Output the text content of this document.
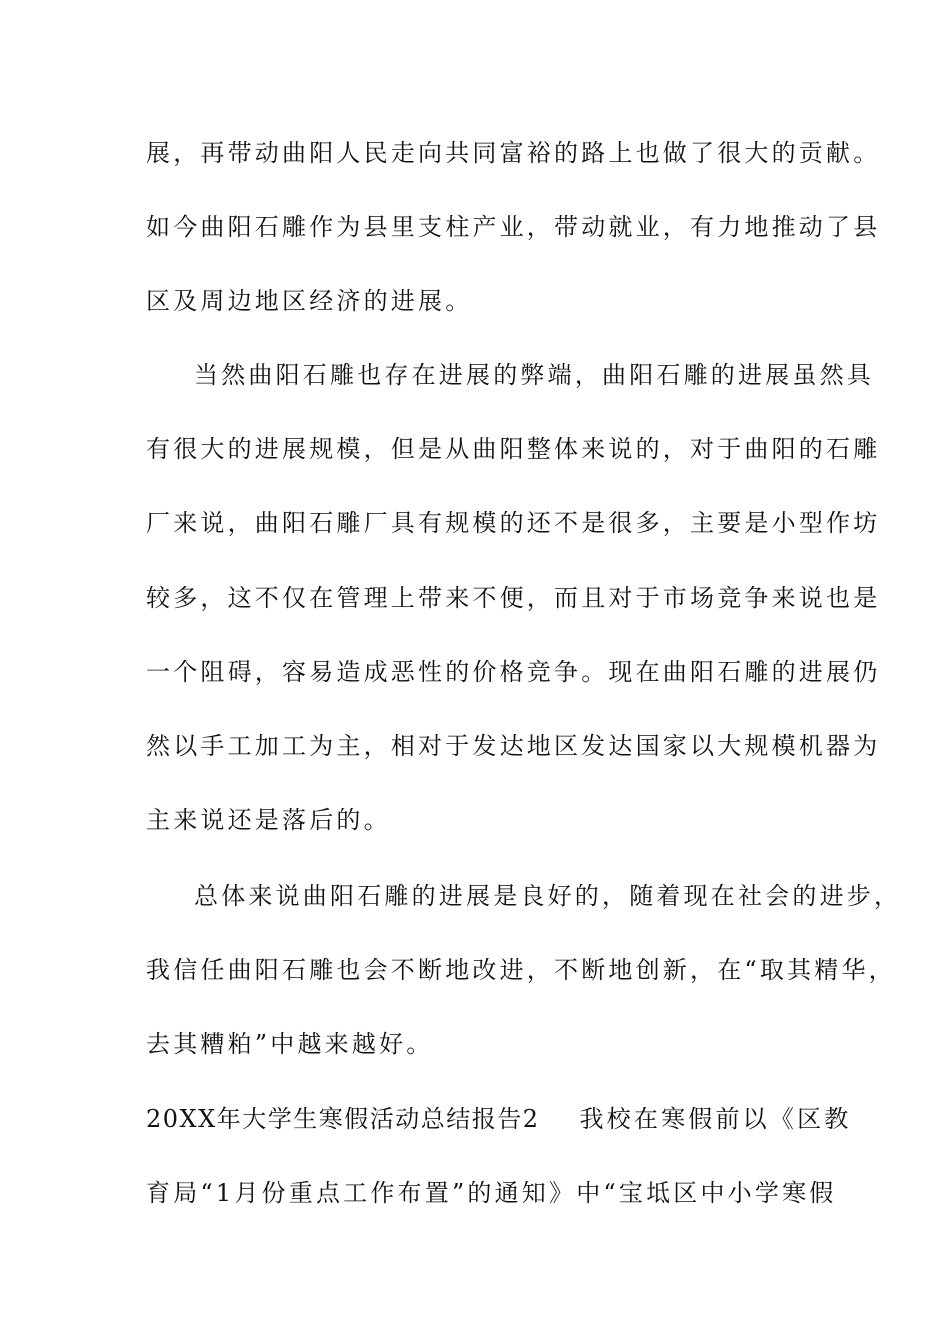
展，再带动曲阳人民走向共同富裕的路上也做了很大的贡献。
如今曲阳石雕作为县里支柱产业，带动就业，有力地推动了县
区及周边地区经济的进展。
当然曲阳石雕也存在进展的弊端，曲阳石雕的进展虽然具
有很大的进展规模，但是从曲阳整体来说的，对于曲阳的石雕
厂来说，曲阳石雕厂具有规模的还不是很多，主要是小型作坊
较多，这不仅在管理上带来不便，而且对于市场竞争来说也是
一个阻碍，容易造成恶性的价格竞争。现在曲阳石雕的进展仍
然以手工加工为主，相对于发达地区发达国家以大规模机器为
主来说还是落后的。
总体来说曲阳石雕的进展是良好的，随着现在社会的进步，
我信任曲阳石雕也会不断地改进，不断地创新，在“取其精华，
去其糟粕”中越来越好。
20XX年大学生寒假活动总结报告2 我校在寒假前以《区教
育局“1月份重点工作布置”的通知》中“宝坻区中小学寒假
